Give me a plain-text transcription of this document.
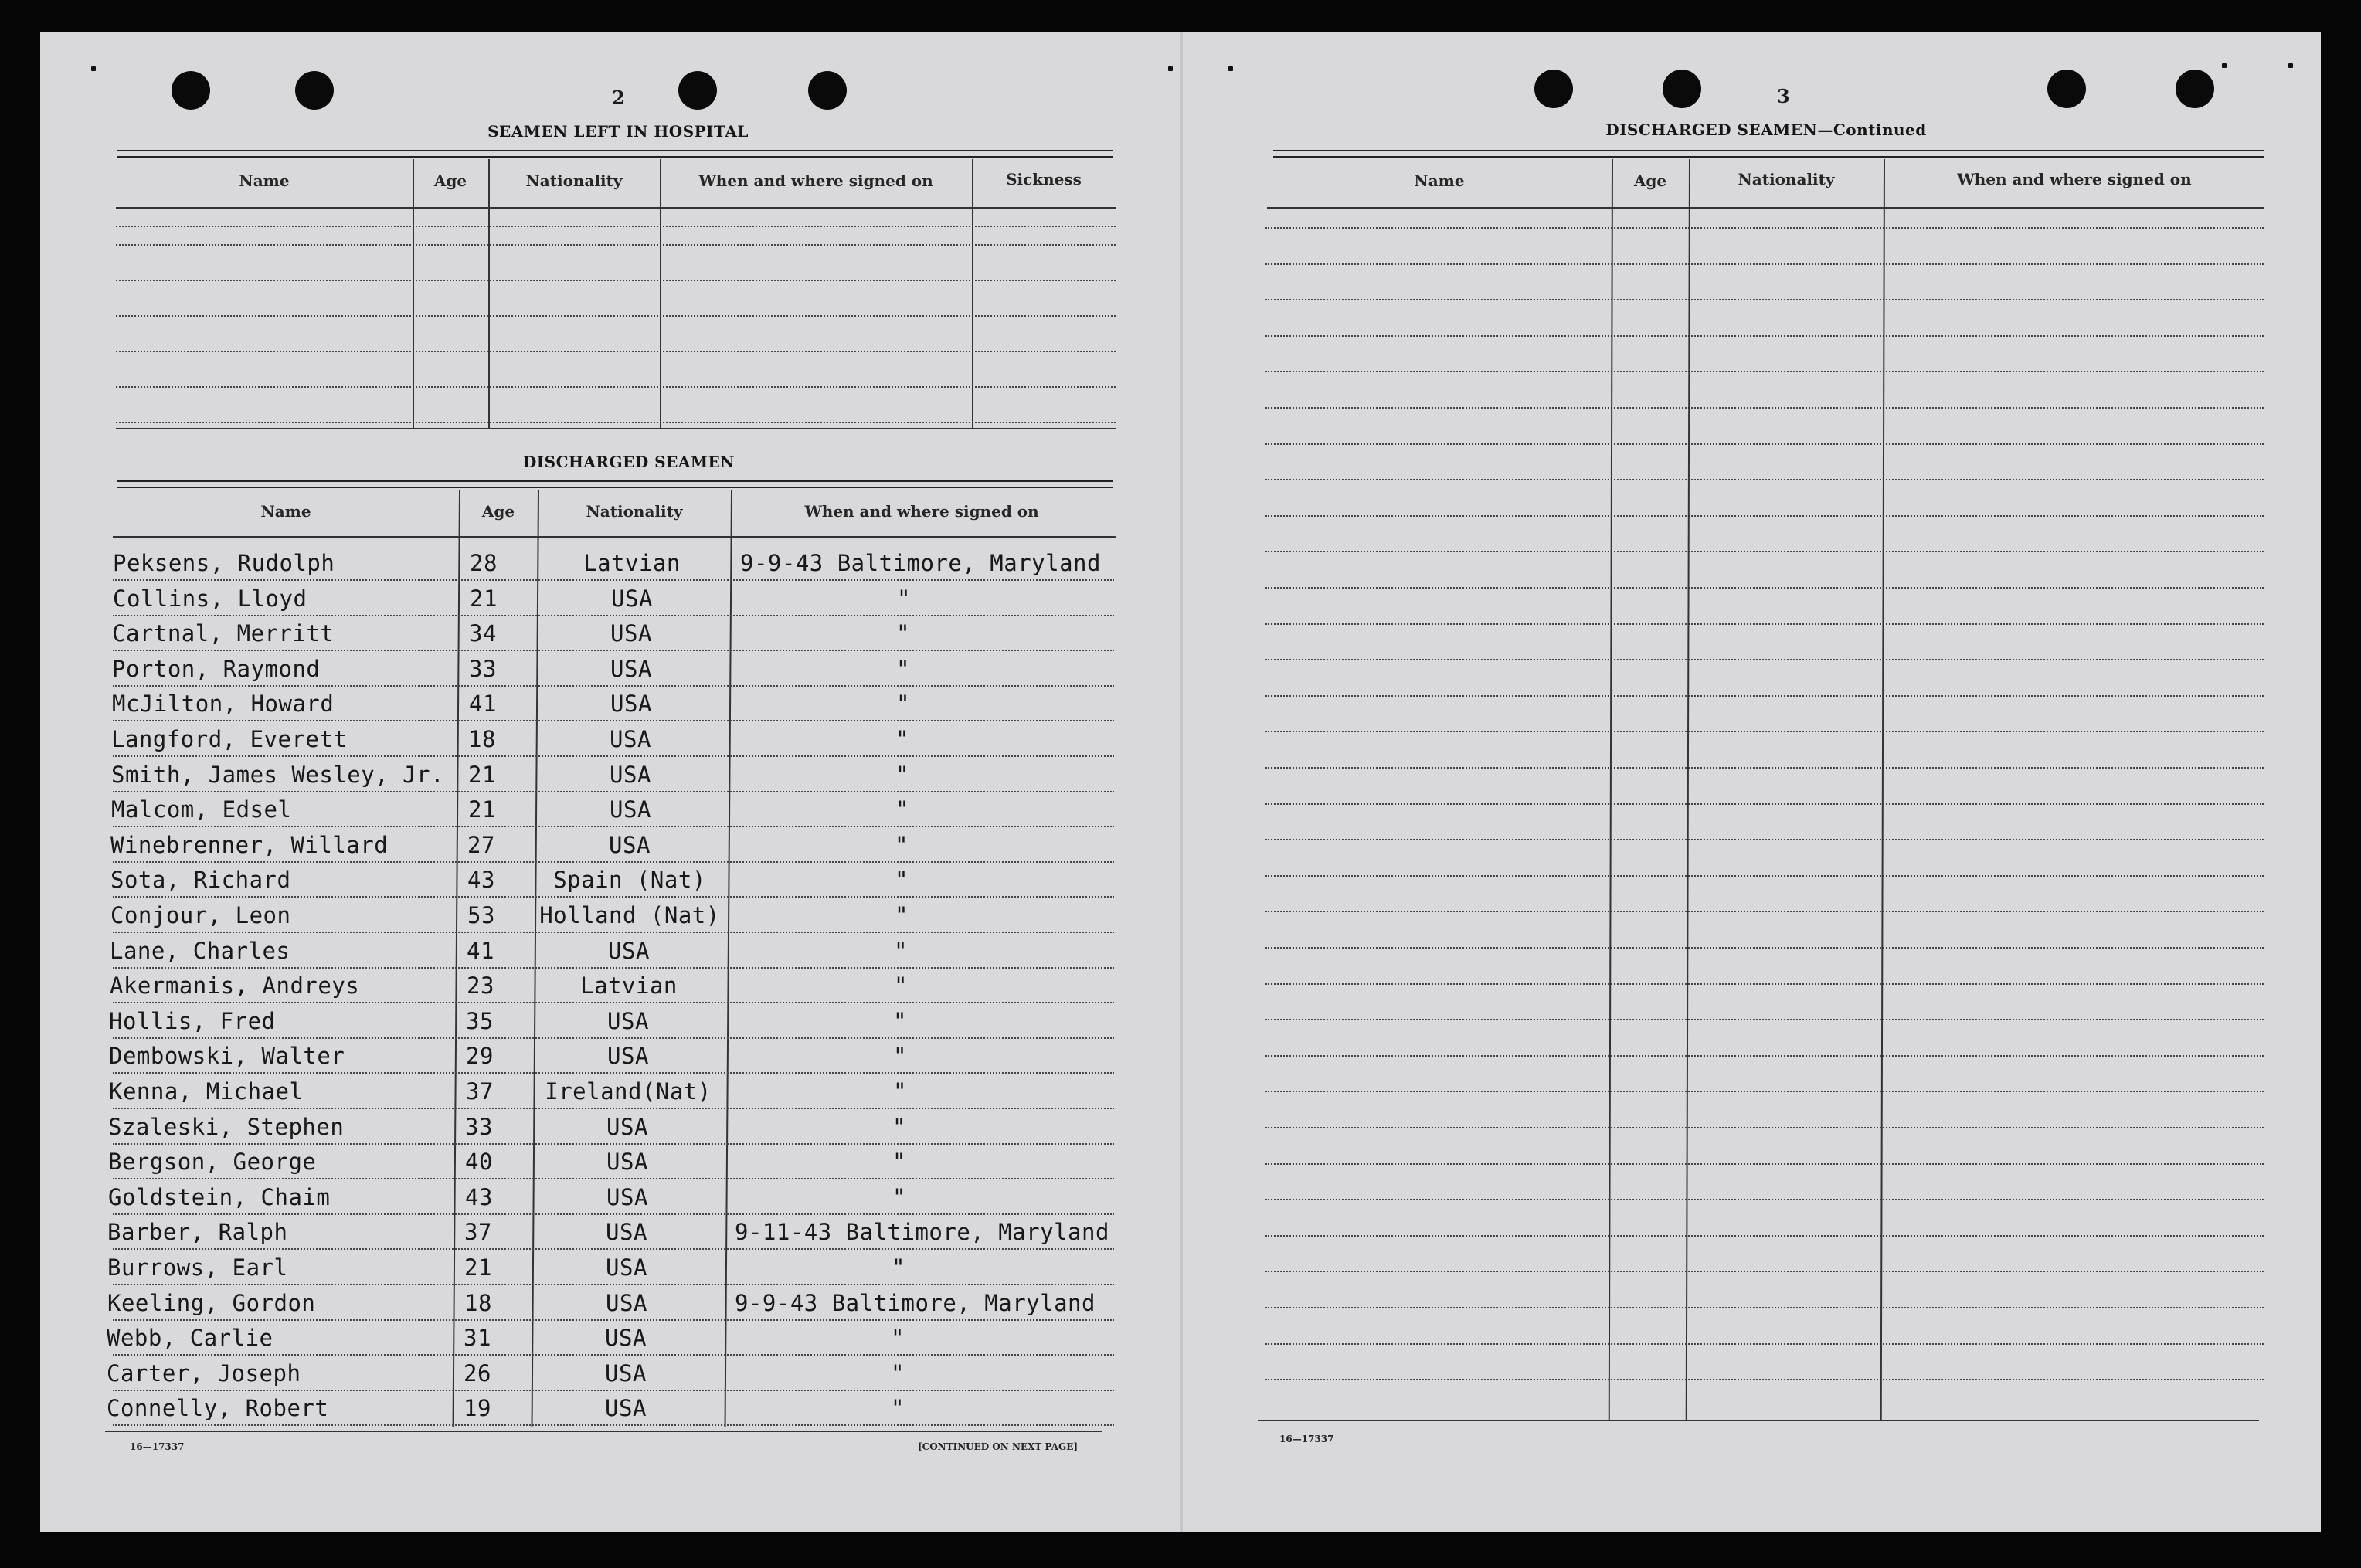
2
SEAMEN LEFT IN HOSPITAL
Name	Age	Nationality	When and where signed on	Sickness
DISCHARGED SEAMEN
Name	Age	Nationality	When and where signed on
Peksens, Rudolph	28	Latvian	9-9-43 Baltimore, Maryland
Collins, Lloyd	21	USA	"
Cartnal, Merritt	34	USA	"
Porton, Raymond	33	USA	"
McJilton, Howard	41	USA	"
Langford, Everett	18	USA	"
Smith, James Wesley, Jr.	21	USA	"
Malcom, Edsel	21	USA	"
Winebrenner, Willard	27	USA	"
Sota, Richard	43	Spain (Nat)	"
Conjour, Leon	53	Holland (Nat)	"
Lane, Charles	41	USA	"
Akermanis, Andreys	23	Latvian	"
Hollis, Fred	35	USA	"
Dembowski, Walter	29	USA	"
Kenna, Michael	37	Ireland(Nat)	"
Szaleski, Stephen	33	USA	"
Bergson, George	40	USA	"
Goldstein, Chaim	43	USA	"
Barber, Ralph	37	USA	9-11-43 Baltimore, Maryland
Burrows, Earl	21	USA	"
Keeling, Gordon	18	USA	9-9-43 Baltimore, Maryland
Webb, Carlie	31	USA	"
Carter, Joseph	26	USA	"
Connelly, Robert	19	USA	"
16—17337	[CONTINUED ON NEXT PAGE]
3
DISCHARGED SEAMEN—Continued
Name	Age	Nationality	When and where signed on
16—17337
